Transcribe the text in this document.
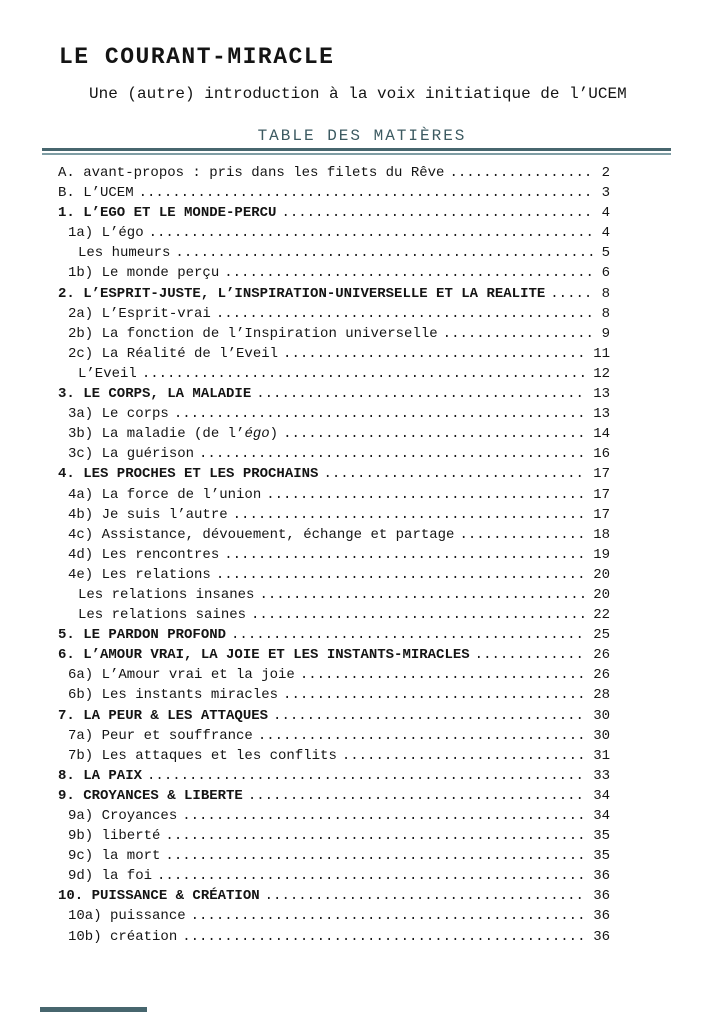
LE COURANT-MIRACLE
Une (autre) introduction à la voix initiatique de l’UCEM
TABLE DES MATIÈRES
A. avant-propos : pris dans les filets du Rêve .....	2
B. L’UCEM .....	3
1. L’EGO ET LE MONDE-PERCU .....	4
1a) L’égo .....	4
Les humeurs .....	5
1b) Le monde perçu .....	6
2. L’ESPRIT-JUSTE, L’INSPIRATION-UNIVERSELLE ET LA REALITE .....	8
2a) L’Esprit-vrai .....	8
2b) La fonction de l’Inspiration universelle .....	9
2c) La Réalité de l’Eveil .....	11
L’Eveil .....	12
3. LE CORPS, LA MALADIE .....	13
3a) Le corps .....	13
3b) La maladie (de l’égo) .....	14
3c) La guérison .....	16
4. LES PROCHES ET LES PROCHAINS .....	17
4a) La force de l’union .....	17
4b) Je suis l’autre .....	17
4c) Assistance, dévouement, échange et partage .....	18
4d) Les rencontres .....	19
4e) Les relations .....	20
Les relations insanes .....	20
Les relations saines .....	22
5. LE PARDON PROFOND .....	25
6. L’AMOUR VRAI, LA JOIE ET LES INSTANTS-MIRACLES .....	26
6a) L’Amour vrai et la joie .....	26
6b) Les instants miracles .....	28
7. LA PEUR & LES ATTAQUES .....	30
7a) Peur et souffrance .....	30
7b) Les attaques et les conflits .....	31
8. LA PAIX .....	33
9. CROYANCES & LIBERTE .....	34
9a) Croyances .....	34
9b) liberté .....	35
9c) la mort .....	35
9d) la foi .....	36
10. PUISSANCE & CRÉATION .....	36
10a) puissance .....	36
10b) création .....	36
